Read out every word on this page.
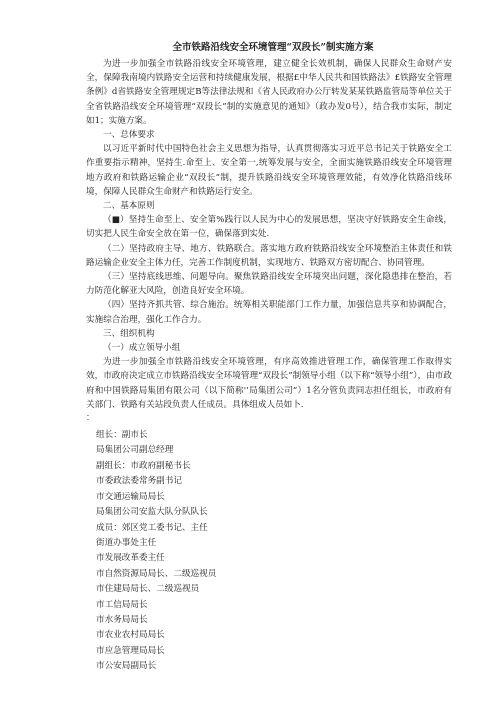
全市铁路沿线安全环境管理“双段长”制实施方案

为进一步加强全市铁路沿线安全环境管理，建立健全长效机制，确保人民群众生命财产安全，保障我南境内铁路安全运营和持续健康发展，根据£中华人民共和国铁路法》£铁路安全管理条例》d省铁路安全管理规定B等法律法规和《省人民政府办公厅转发某某铁路监管局等单位关于全省铁路沿线安全环境管理“双段长”制的实施意见的通知》（政办发0号），结合我市实际，制定如1；实施方案。

一、总体要求

以习近平新时代中国特色社会主义思想为指导，认真贯彻落实习近平总书记关于铁路安全工作重要指示精神，坚持生.命至上、安全第一,统筹发展与安全，全面实施铁路沿线安全环境管理地方政府和铁路运输企业“双段长”制，提升铁路沿线安全环境管理效能，有效净化铁路沿线环境，保障人民群众生命财产和铁路运行安全。

二、基本原则

（■）坚持生命至上、安全第%践行以人民为中心的发展思想，坚决守好铁路安全生命线，切实把人民生命安全放在第一位，确保落到实处.

（二）坚持政府主导、地方、铁路联合。落实地方政府铁路沿线安全环境整治主体责任和铁路运输企业安全主体力任，完善工作制度机制，实现地方、铁路双方密切配合、协同管理。

（三）坚持底线思维、问题导向。聚焦铁路沿线安全环境突出问题，深化隐患排在整治，若力防范化解亚大风险，创造良好安全环境。

（四）坚持齐抓共管、综合施治。统筹相关职能部门工作力量，加强信息共享和协调配合，实施综合治理，强化工作合力。

三、组织机构

（一）成立领导小组

为进一步加强全市铁路沿线安全环境管理，有序高效推进管理工作，确保管理工作取得实效，市政府决定成立市铁路沿线安全环境管理“双段长”制领导小组（以下称“领导小组”），由市政府和中国铁路局集团有限公司（以下简称'’局集团公司”）1名分管负责同志担任组长，市政府有关部门、铁路有关站段负责人任成员。具体组成人员如卜.

：

组长：副市长
局集团公司副总经理
副组长：市政府副秘书长
市委政法委常务副书记
市交通运输局局长
局集团公司安监大队分队队长
成员：郊区党工委书记、主任
街道办事处主任
市发展改革委主任
市自然资源局局长、二级巡视员
市住建局局长、二级巡视员
市工信局局长
市水务局局长
市农业农村局局长
市应急管理局局长
市公安局副局长
